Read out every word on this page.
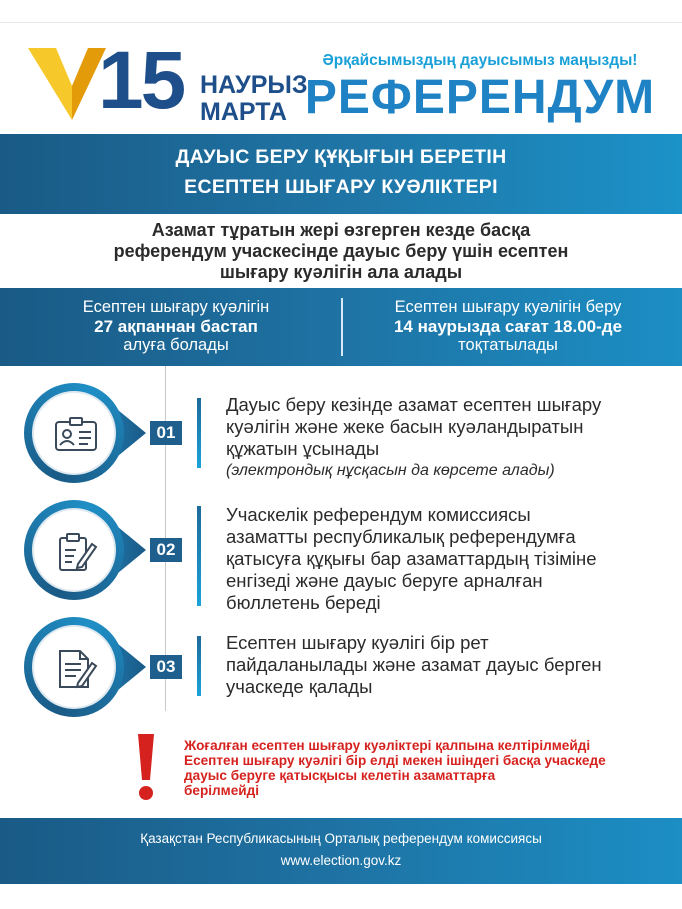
15 НАУРЫЗ
МАРТА
Әрқайсымыздың дауысымыз маңызды!
РЕФЕРЕНДУМ
ДАУЫС БЕРУ ҚҰҚЫҒЫН БЕРЕТІН
ЕСЕПТЕН ШЫҒАРУ КУӘЛІКТЕРІ
Азамат тұратын жері өзгерген кезде басқа
референдум учаскесінде дауыс беру үшін есептен
шығару куәлігін ала алады
Есептен шығару куәлігін
27 ақпаннан бастап
алуға болады
Есептен шығару куәлігін беру
14 наурызда сағат 18.00-де
тоқтатылады
01
Дауыс беру кезінде азамат есептен шығару
куәлігін және жеке басын куәландыратын
құжатын ұсынады
(электрондық нұсқасын да көрсете алады)
02
Учаскелік референдум комиссиясы
азаматты республикалық референдумға
қатысуға құқығы бар азаматтардың тізіміне
енгізеді және дауыс беруге арналған
бюллетень береді
03
Есептен шығару куәлігі бір рет
пайдаланылады және азамат дауыс берген
учаскеде қалады
Жоғалған есептен шығару куәліктері қалпына келтірілмейді
Есептен шығару куәлігі бір елді мекен ішіндегі басқа учаскеде
дауыс беруге қатысқысы келетін азаматтарға
берілмейді
Қазақстан Республикасының Орталық референдум комиссиясы
www.election.gov.kz
